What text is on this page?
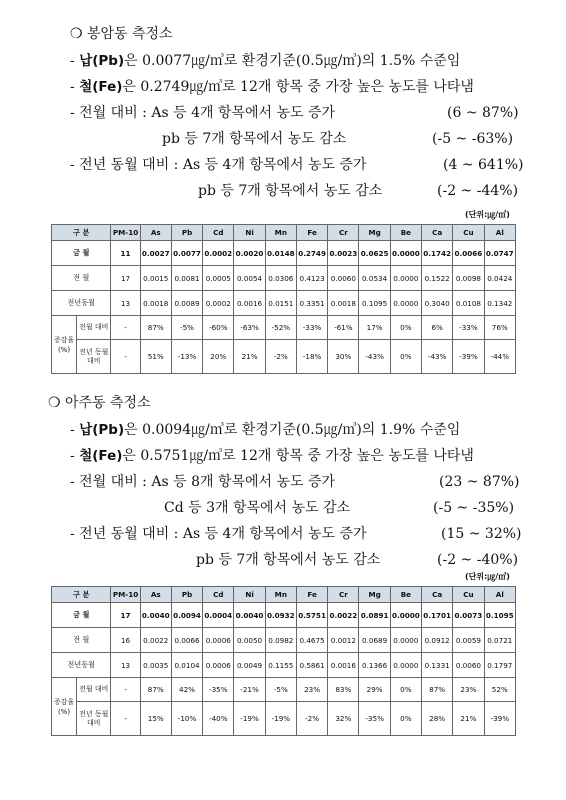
❍ 봉암동 측정소
- 납(Pb)은 0.0077㎍/㎥로 환경기준(0.5㎍/㎥)의 1.5% 수준임
- 철(Fe)은 0.2749㎍/㎥로 12개 항목 중 가장 높은 농도를 나타냄
- 전월 대비 : As 등 4개 항목에서 농도 증가	(6 ~ 87%)
pb 등 7개 항목에서 농도 감소	(-5 ~ -63%)
- 전년 동월 대비 : As 등 4개 항목에서 농도 증가	(4 ~ 641%)
pb 등 7개 항목에서 농도 감소	(-2 ~ -44%)
(단위:㎍/㎥)
구 분		PM-10	As	Pb	Cd	Ni	Mn	Fe	Cr	Mg	Be	Ca	Cu	Al
금 월		11	0.0027	0.0077	0.0002	0.0020	0.0148	0.2749	0.0023	0.0625	0.0000	0.1742	0.0066	0.0747
전 월		17	0.0015	0.0081	0.0005	0.0054	0.0306	0.4123	0.0060	0.0534	0.0000	0.1522	0.0098	0.0424
전년동월		13	0.0018	0.0089	0.0002	0.0016	0.0151	0.3351	0.0018	0.1095	0.0000	0.3040	0.0108	0.1342
증감율 (%)	전월 대비	-	87%	-5%	-60%	-63%	-52%	-33%	-61%	17%	0%	6%	-33%	76%
	전년 동월 대비	-	51%	-13%	20%	21%	-2%	-18%	30%	-43%	0%	-43%	-39%	-44%
❍ 아주동 측정소
- 납(Pb)은 0.0094㎍/㎥로 환경기준(0.5㎍/㎥)의 1.9% 수준임
- 철(Fe)은 0.5751㎍/㎥로 12개 항목 중 가장 높은 농도를 나타냄
- 전월 대비 : As 등 8개 항목에서 농도 증가	(23 ~ 87%)
Cd 등 3개 항목에서 농도 감소	(-5 ~ -35%)
- 전년 동월 대비 : As 등 4개 항목에서 농도 증가	(15 ~ 32%)
pb 등 7개 항목에서 농도 감소	(-2 ~ -40%)
(단위:㎍/㎥)
구 분		PM-10	As	Pb	Cd	Ni	Mn	Fe	Cr	Mg	Be	Ca	Cu	Al
금 월		17	0.0040	0.0094	0.0004	0.0040	0.0932	0.5751	0.0022	0.0891	0.0000	0.1701	0.0073	0.1095
전 월		16	0.0022	0.0066	0.0006	0.0050	0.0982	0.4675	0.0012	0.0689	0.0000	0.0912	0.0059	0.0721
전년동월		13	0.0035	0.0104	0.0006	0.0049	0.1155	0.5861	0.0016	0.1366	0.0000	0.1331	0.0060	0.1797
증감율 (%)	전월 대비	-	87%	42%	-35%	-21%	-5%	23%	83%	29%	0%	87%	23%	52%
	전년 동월 대비	-	15%	-10%	-40%	-19%	-19%	-2%	32%	-35%	0%	28%	21%	-39%
